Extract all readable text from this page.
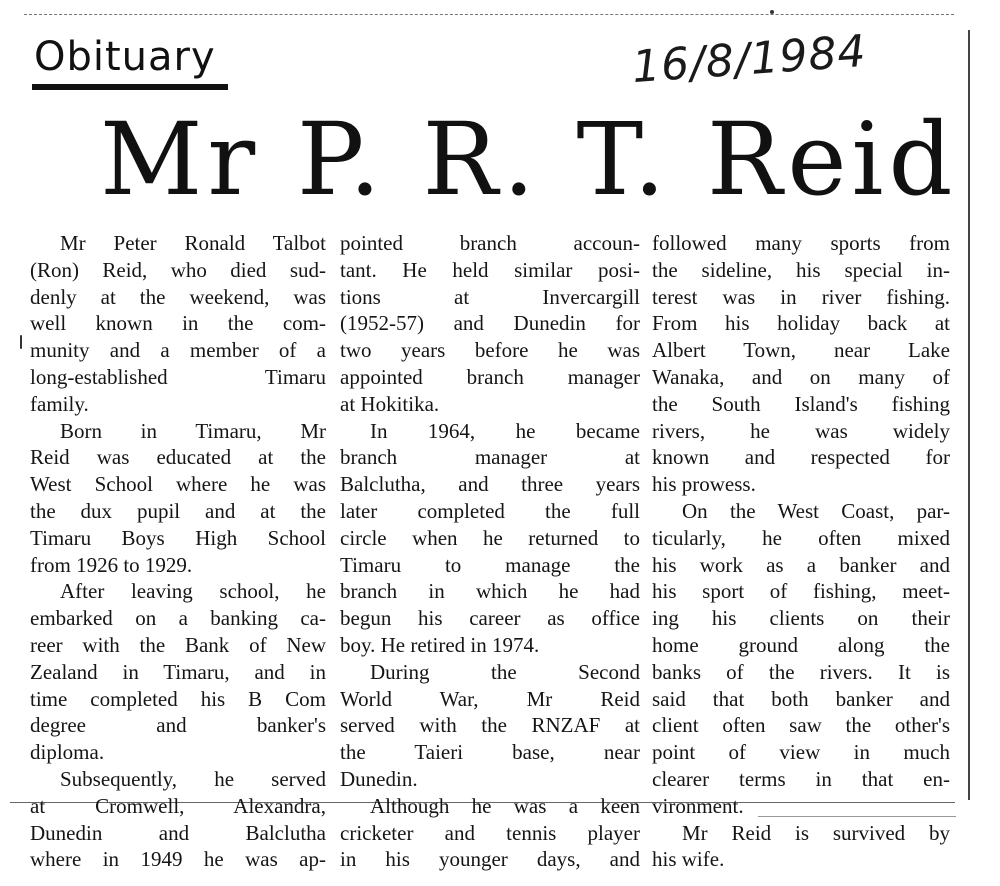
Obituary	16/8/1984
Mr P. R. T. Reid
Mr Peter Ronald Talbot
(Ron) Reid, who died sud-
denly at the weekend, was
well known in the com-
munity and a member of a
long-established Timaru
family.
Born in Timaru, Mr
Reid was educated at the
West School where he was
the dux pupil and at the
Timaru Boys High School
from 1926 to 1929.
After leaving school, he
embarked on a banking ca-
reer with the Bank of New
Zealand in Timaru, and in
time completed his B Com
degree and banker's
diploma.
Subsequently, he served
at Cromwell, Alexandra,
Dunedin and Balclutha
where in 1949 he was ap-
pointed branch accoun-
tant. He held similar posi-
tions at Invercargill
(1952-57) and Dunedin for
two years before he was
appointed branch manager
at Hokitika.
In 1964, he became
branch manager at
Balclutha, and three years
later completed the full
circle when he returned to
Timaru to manage the
branch in which he had
begun his career as office
boy. He retired in 1974.
During the Second
World War, Mr Reid
served with the RNZAF at
the Taieri base, near
Dunedin.
Although he was a keen
cricketer and tennis player
in his younger days, and
followed many sports from
the sideline, his special in-
terest was in river fishing.
From his holiday back at
Albert Town, near Lake
Wanaka, and on many of
the South Island's fishing
rivers, he was widely
known and respected for
his prowess.
On the West Coast, par-
ticularly, he often mixed
his work as a banker and
his sport of fishing, meet-
ing his clients on their
home ground along the
banks of the rivers. It is
said that both banker and
client often saw the other's
point of view in much
clearer terms in that en-
vironment.
Mr Reid is survived by
his wife.
